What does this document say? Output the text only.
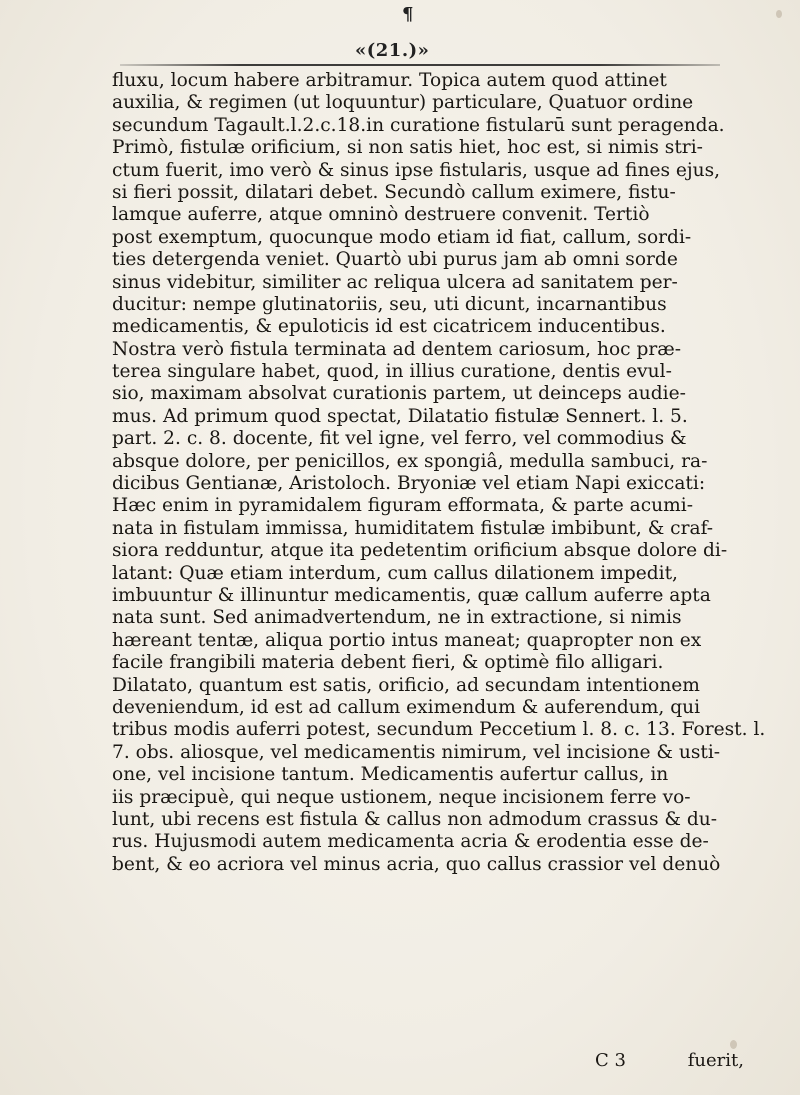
¶
«(21.)»
fluxu, locum habere arbitramur. Topica autem quod attinet
auxilia, & regimen (ut loquuntur) particulare, Quatuor ordine
secundum Tagault.l.2.c.18.in curatione fistularū sunt peragenda.
Primò, fistulæ orificium, si non satis hiet, hoc est, si nimis stri-
ctum fuerit, imo verò & sinus ipse fistularis, usque ad fines ejus,
si fieri possit, dilatari debet. Secundò callum eximere, fistu-
lamque auferre, atque omninò destruere convenit. Tertiò
post exemptum, quocunque modo etiam id fiat, callum, sordi-
ties detergenda veniet. Quartò ubi purus jam ab omni sorde
sinus videbitur, similiter ac reliqua ulcera ad sanitatem per-
ducitur: nempe glutinatoriis, seu, uti dicunt, incarnantibus
medicamentis, & epuloticis id est cicatricem inducentibus.
Nostra verò fistula terminata ad dentem cariosum, hoc præ-
terea singulare habet, quod, in illius curatione, dentis evul-
sio, maximam absolvat curationis partem, ut deinceps audie-
mus. Ad primum quod spectat, Dilatatio fistulæ Sennert. l. 5.
part. 2. c. 8. docente, fit vel igne, vel ferro, vel commodius &
absque dolore, per penicillos, ex spongiâ, medulla sambuci, ra-
dicibus Gentianæ, Aristoloch. Bryoniæ vel etiam Napi exiccati:
Hæc enim in pyramidalem figuram efformata, & parte acumi-
nata in fistulam immissa, humiditatem fistulæ imbibunt, & craf-
siora redduntur, atque ita pedetentim orificium absque dolore di-
latant: Quæ etiam interdum, cum callus dilationem impedit,
imbuuntur & illinuntur medicamentis, quæ callum auferre apta
nata sunt. Sed animadvertendum, ne in extractione, si nimis
hæreant tentæ, aliqua portio intus maneat; quapropter non ex
facile frangibili materia debent fieri, & optimè filo alligari.
Dilatato, quantum est satis, orificio, ad secundam intentionem
deveniendum, id est ad callum eximendum & auferendum, qui
tribus modis auferri potest, secundum Peccetium l. 8. c. 13. Forest. l.
7. obs. aliosque, vel medicamentis nimirum, vel incisione & usti-
one, vel incisione tantum. Medicamentis aufertur callus, in
iis præcipuè, qui neque ustionem, neque incisionem ferre vo-
lunt, ubi recens est fistula & callus non admodum crassus & du-
rus. Hujusmodi autem medicamenta acria & erodentia esse de-
bent, & eo acriora vel minus acria, quo callus crassior vel denuò
C 3	fuerit,
